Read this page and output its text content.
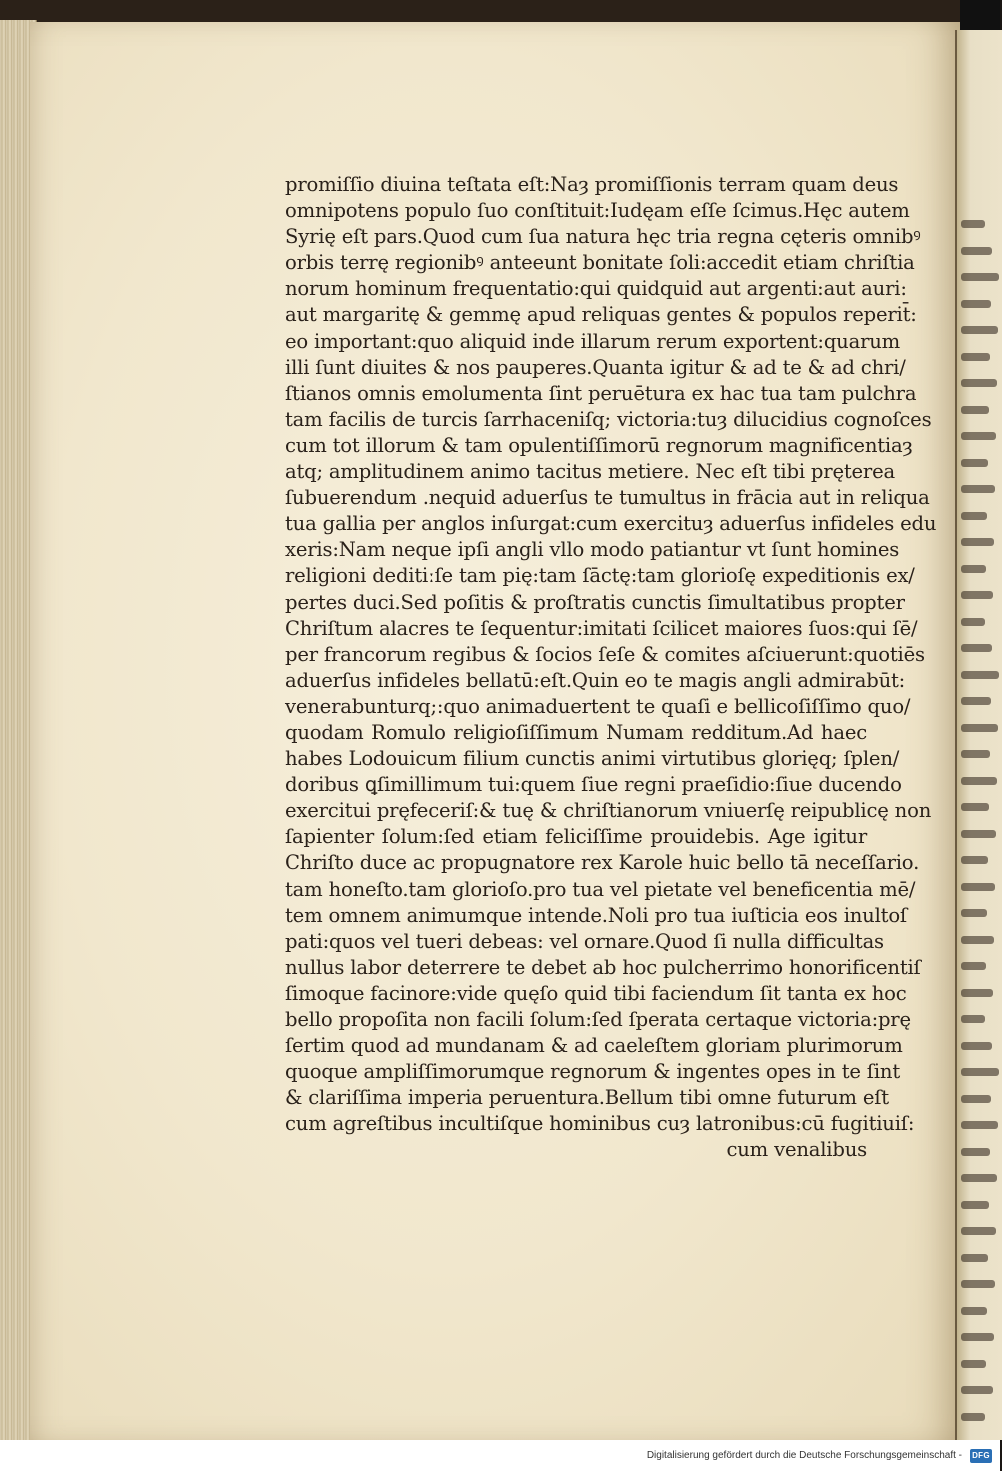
promiſſio diuina teſtata eſt:Naȝ promiſſionis terram quam deus
omnipotens populo ſuo conſtituit:Iudęam eſſe ſcimus.Hęc autem
Syrię eſt pars.Quod cum ſua natura hęc tria regna cęteris omnibꝰ
orbis terrę regionibꝰ anteeunt bonitate ſoli:accedit etiam chriſtia
norum hominum frequentatio:qui quidquid aut argenti:aut auri:
aut margaritę & gemmę apud reliquas gentes & populos reperit̄:
eo important:quo aliquid inde illarum rerum exportent:quarum
illi ſunt diuites & nos pauperes.Quanta igitur & ad te & ad chri/
ſtianos omnis emolumenta ſint peruētura ex hac tua tam pulchra
tam facilis de turcis ſarrhaceniſq; victoria:tuȝ dilucidius cognoſces
cum tot illorum & tam opulentiſſimorū regnorum magnificentiaȝ
atq; amplitudinem animo tacitus metiere. Nec eſt tibi pręterea
ſubuerendum .nequid aduerſus te tumultus in frācia aut in reliqua
tua gallia per anglos inſurgat:cum exercituȝ aduerſus infideles edu
xeris:Nam neque ipſi angli vllo modo patiantur vt ſunt homines
religioni deditiːſe tam pię:tam ſāctę:tam glorioſę expeditionis ex/
pertes duci.Sed poſitis & proſtratis cunctis ſimultatibus propter
Chriſtum alacres te ſequentur:imitati ſcilicet maiores ſuos:qui ſē/
per francorum regibus & ſocios ſeſe & comites aſciuerunt:quotiēs
aduerſus infideles bellatū:eſt.Quin eo te magis angli admirabūt:
venerabunturq;:quo animaduertent te quaſi e bellicoſiſſimo quo/
quodam Romulo religioſiſſimum Numam redditum.Ad haec
habes Lodouicum filium cunctis animi virtutibus glorięq; ſplen/
doribus ꝗſimillimum tui:quem ſiue regni praeſidio:ſiue ducendo
exercitui pręfeceriſ:& tuę & chriſtianorum vniuerſę reipublicę non
ſapienter ſolum:ſed etiam feliciſſime prouidebis. Age igitur
Chriſto duce ac propugnatore rex Karole huic bello tā neceſſario.
tam honeſto.tam glorioſo.pro tua vel pietate vel beneficentia mē/
tem omnem animumque intende.Noli pro tua iuſticia eos inultoſ
pati:quos vel tueri debeas: vel ornare.Quod ſi nulla difficultas
nullus labor deterrere te debet ab hoc pulcherrimo honorificentiſ
ſimoque facinore:vide quęſo quid tibi faciendum ſit tanta ex hoc
bello propoſita non facili ſolum:ſed ſperata certaque victoria:prę
ſertim quod ad mundanam & ad caeleſtem gloriam plurimorum
quoque ampliſſimorumque regnorum & ingentes opes in te ſint
& clariſſima imperia peruentura.Bellum tibi omne futurum eſt
cum agreſtibus incultiſque hominibus cuȝ latronibus:cū fugitiuiſ:
cum venalibus
Digitalisierung gefördert durch die Deutsche Forschungsgemeinschaft - DFG
